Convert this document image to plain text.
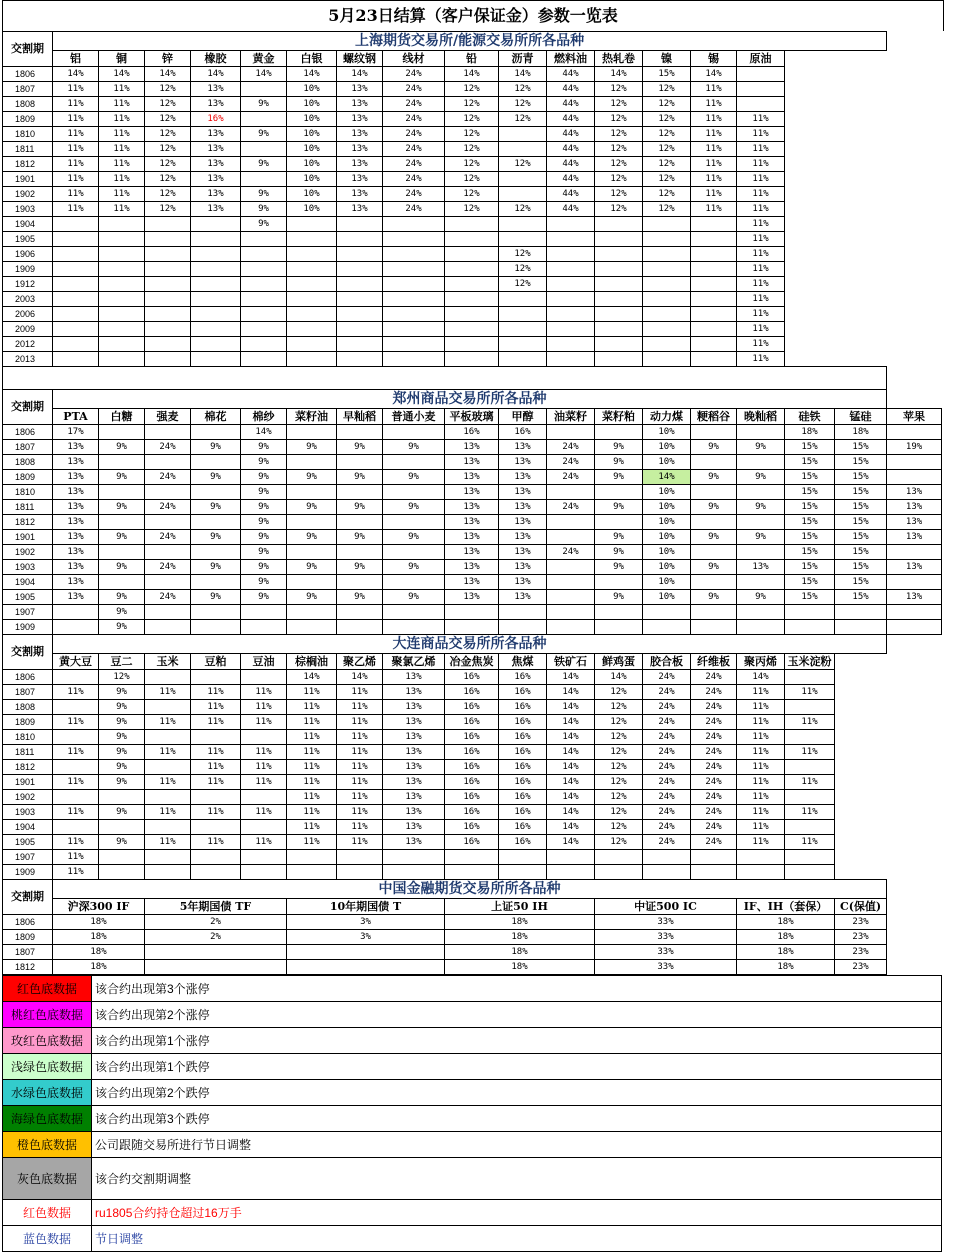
5月23日结算（客户保证金）参数一览表
交割期	上海期货交易所/能源交易所所各品种																	
	铝	铜	锌	橡胶	黄金	白银	螺纹钢	线材	铅	沥青	燃料油	热轧卷	镍	锡	原油			
1806	14%	14%	14%	14%	14%	14%	14%	24%	14%	14%	44%	14%	15%	14%				
1807	11%	11%	12%	13%		10%	13%	24%	12%	12%	44%	12%	12%	11%				
1808	11%	11%	12%	13%	9%	10%	13%	24%	12%	12%	44%	12%	12%	11%				
1809	11%	11%	12%	16%		10%	13%	24%	12%	12%	44%	12%	12%	11%	11%			
1810	11%	11%	12%	13%	9%	10%	13%	24%	12%		44%	12%	12%	11%	11%			
1811	11%	11%	12%	13%		10%	13%	24%	12%		44%	12%	12%	11%	11%			
1812	11%	11%	12%	13%	9%	10%	13%	24%	12%	12%	44%	12%	12%	11%	11%			
1901	11%	11%	12%	13%		10%	13%	24%	12%		44%	12%	12%	11%	11%			
1902	11%	11%	12%	13%	9%	10%	13%	24%	12%		44%	12%	12%	11%	11%			
1903	11%	11%	12%	13%	9%	10%	13%	24%	12%	12%	44%	12%	12%	11%	11%			
1904					9%										11%			
1905															11%			
1906										12%					11%			
1909										12%					11%			
1912										12%					11%			
2003															11%			
2006															11%			
2009															11%			
2012															11%			
2013															11%			

交割期	郑州商品交易所所各品种																	
	PTA	白糖	强麦	棉花	棉纱	菜籽油	早籼稻	普通小麦	平板玻璃	甲醇	油菜籽	菜籽粕	动力煤	粳稻谷	晚籼稻	硅铁	锰硅	苹果
1806	17%				14%				16%	16%			10%			18%	18%	
1807	13%	9%	24%	9%	9%	9%	9%	9%	13%	13%	24%	9%	10%	9%	9%	15%	15%	19%
1808	13%				9%				13%	13%	24%	9%	10%			15%	15%	
1809	13%	9%	24%	9%	9%	9%	9%	9%	13%	13%	24%	9%	14%	9%	9%	15%	15%	
1810	13%				9%				13%	13%			10%			15%	15%	13%
1811	13%	9%	24%	9%	9%	9%	9%	9%	13%	13%	24%	9%	10%	9%	9%	15%	15%	13%
1812	13%				9%				13%	13%			10%			15%	15%	13%
1901	13%	9%	24%	9%	9%	9%	9%	9%	13%	13%		9%	10%	9%	9%	15%	15%	13%
1902	13%				9%				13%	13%	24%	9%	10%			15%	15%	
1903	13%	9%	24%	9%	9%	9%	9%	9%	13%	13%		9%	10%	9%	13%	15%	15%	13%
1904	13%				9%				13%	13%			10%			15%	15%	
1905	13%	9%	24%	9%	9%	9%	9%	9%	13%	13%		9%	10%	9%	9%	15%	15%	13%
1907		9%																
1909		9%																
交割期	大连商品交易所所各品种																	
	黄大豆	豆二	玉米	豆粕	豆油	棕榈油	聚乙烯	聚氯乙烯	冶金焦炭	焦煤	铁矿石	鲜鸡蛋	胶合板	纤维板	聚丙烯	玉米淀粉		
1806		12%				14%	14%	13%	16%	16%	14%	14%	24%	24%	14%			
1807	11%	9%	11%	11%	11%	11%	11%	13%	16%	16%	14%	12%	24%	24%	11%	11%		
1808		9%		11%	11%	11%	11%	13%	16%	16%	14%	12%	24%	24%	11%			
1809	11%	9%	11%	11%	11%	11%	11%	13%	16%	16%	14%	12%	24%	24%	11%	11%		
1810		9%				11%	11%	13%	16%	16%	14%	12%	24%	24%	11%			
1811	11%	9%	11%	11%	11%	11%	11%	13%	16%	16%	14%	12%	24%	24%	11%	11%		
1812		9%		11%	11%	11%	11%	13%	16%	16%	14%	12%	24%	24%	11%			
1901	11%	9%	11%	11%	11%	11%	11%	13%	16%	16%	14%	12%	24%	24%	11%	11%		
1902						11%	11%	13%	16%	16%	14%	12%	24%	24%	11%			
1903	11%	9%	11%	11%	11%	11%	11%	13%	16%	16%	14%	12%	24%	24%	11%	11%		
1904						11%	11%	13%	16%	16%	14%	12%	24%	24%	11%			
1905	11%	9%	11%	11%	11%	11%	11%	13%	16%	16%	14%	12%	24%	24%	11%	11%		
1907	11%																	
1909	11%																	
交割期	中国金融期货交易所所各品种																	
	沪深300 IF		5年期国债 TF			10年期国债 T			上证50 IH			中证500 IC			IF、IH（套保）		C(保值)	
1806	18%		2%			3%			18%			33%			18%		23%	
1809	18%		2%			3%			18%			33%			18%		23%	
1807	18%								18%			33%			18%		23%	
1812	18%								18%			33%			18%		23%	
红色底数据	该合约出现第3个涨停
桃红色底数据	该合约出现第2个涨停
玫红色底数据	该合约出现第1个涨停
浅绿色底数据	该合约出现第1个跌停
水绿色底数据	该合约出现第2个跌停
海绿色底数据	该合约出现第3个跌停
橙色底数据	公司跟随交易所进行节日调整
灰色底数据	该合约交割期调整
红色数据	ru1805合约持仓超过16万手
蓝色数据	节日调整
